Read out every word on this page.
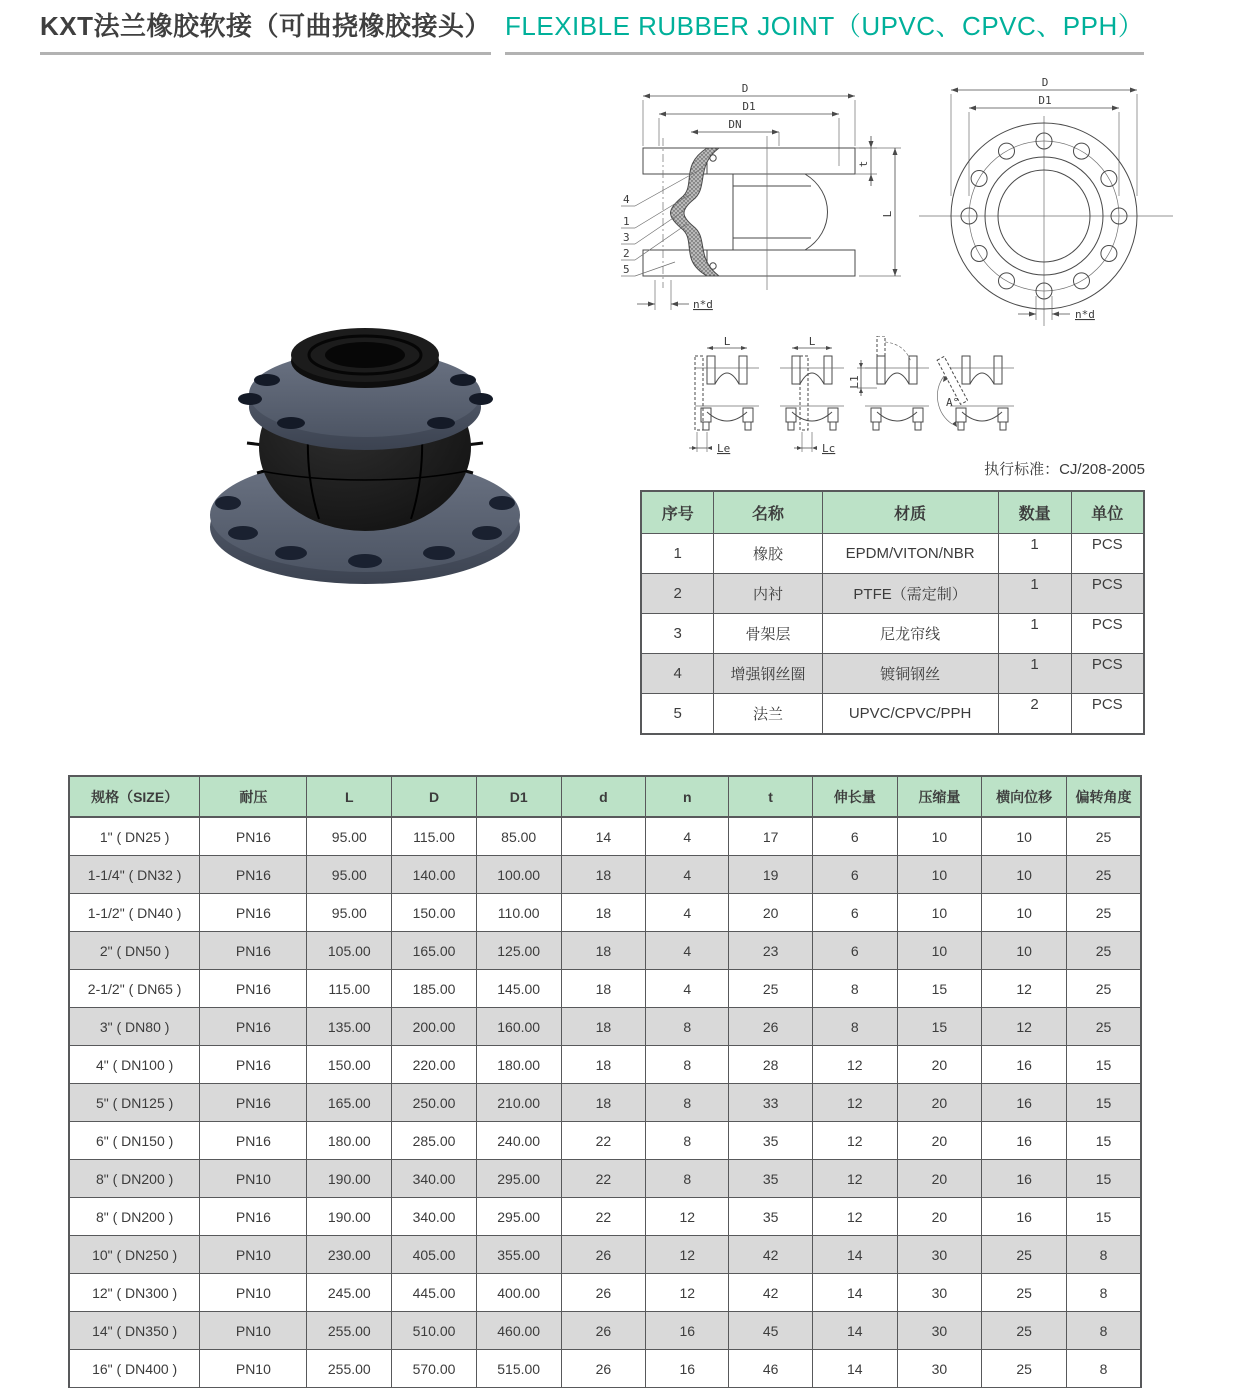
KXT法兰橡胶软接（可曲挠橡胶接头） FLEXIBLE RUBBER JOINT（UPVC、CPVC、PPH）
D
D1
DN
t
L
n*d
4
1
3
2
5
D
D1
n*d
L
Le
L
Lc
L1
A°
执行标准：CJ/208-2005
序号	名称	材质	数量	单位
1	橡胶	EPDM/VITON/NBR	1	PCS
2	内衬	PTFE（需定制）	1	PCS
3	骨架层	尼龙帘线	1	PCS
4	增强钢丝圈	镀铜钢丝	1	PCS
5	法兰	UPVC/CPVC/PPH	2	PCS
规格（SIZE）	耐压	L	D	D1	d	n	t	伸长量	压缩量	横向位移	偏转角度
1" ( DN25 )	PN16	95.00	115.00	85.00	14	4	17	6	10	10	25
1-1/4" ( DN32 )	PN16	95.00	140.00	100.00	18	4	19	6	10	10	25
1-1/2" ( DN40 )	PN16	95.00	150.00	110.00	18	4	20	6	10	10	25
2" ( DN50 )	PN16	105.00	165.00	125.00	18	4	23	6	10	10	25
2-1/2" ( DN65 )	PN16	115.00	185.00	145.00	18	4	25	8	15	12	25
3" ( DN80 )	PN16	135.00	200.00	160.00	18	8	26	8	15	12	25
4" ( DN100 )	PN16	150.00	220.00	180.00	18	8	28	12	20	16	15
5" ( DN125 )	PN16	165.00	250.00	210.00	18	8	33	12	20	16	15
6" ( DN150 )	PN16	180.00	285.00	240.00	22	8	35	12	20	16	15
8" ( DN200 )	PN10	190.00	340.00	295.00	22	8	35	12	20	16	15
8" ( DN200 )	PN16	190.00	340.00	295.00	22	12	35	12	20	16	15
10" ( DN250 )	PN10	230.00	405.00	355.00	26	12	42	14	30	25	8
12" ( DN300 )	PN10	245.00	445.00	400.00	26	12	42	14	30	25	8
14" ( DN350 )	PN10	255.00	510.00	460.00	26	16	45	14	30	25	8
16" ( DN400 )	PN10	255.00	570.00	515.00	26	16	46	14	30	25	8
